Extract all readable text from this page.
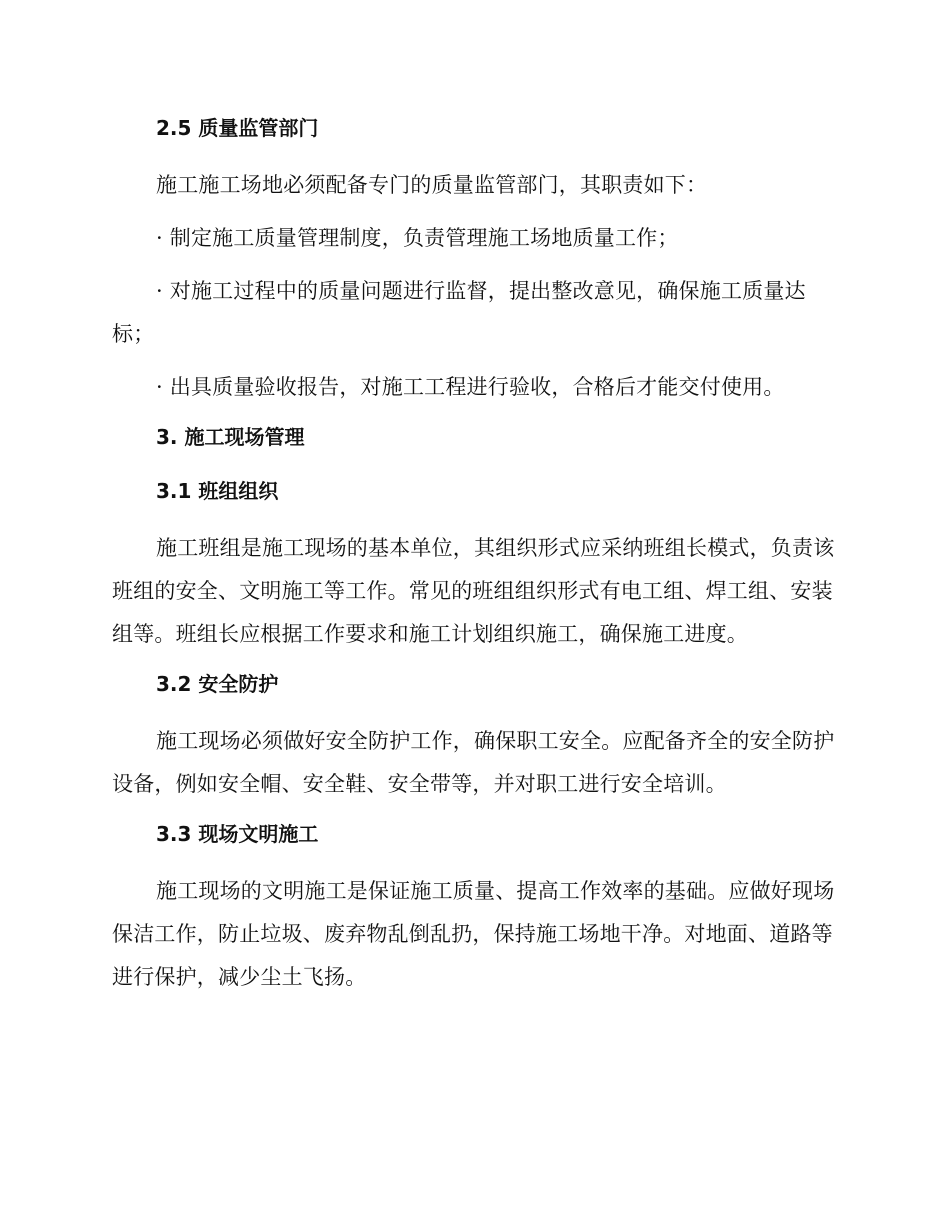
2.5 质量监管部门

施工施工场地必须配备专门的质量监管部门，其职责如下：

· 制定施工质量管理制度，负责管理施工场地质量工作；

· 对施工过程中的质量问题进行监督，提出整改意见，确保施工质量达标；

· 出具质量验收报告，对施工工程进行验收，合格后才能交付使用。

3. 施工现场管理
3.1 班组组织

施工班组是施工现场的基本单位，其组织形式应采纳班组长模式，负责该班组的安全、文明施工等工作。常见的班组组织形式有电工组、焊工组、安装组等。班组长应根据工作要求和施工计划组织施工，确保施工进度。

3.2 安全防护

施工现场必须做好安全防护工作，确保职工安全。应配备齐全的安全防护设备，例如安全帽、安全鞋、安全带等，并对职工进行安全培训。

3.3 现场文明施工

施工现场的文明施工是保证施工质量、提高工作效率的基础。应做好现场保洁工作，防止垃圾、废弃物乱倒乱扔，保持施工场地干净。对地面、道路等进行保护，减少尘土飞扬。
